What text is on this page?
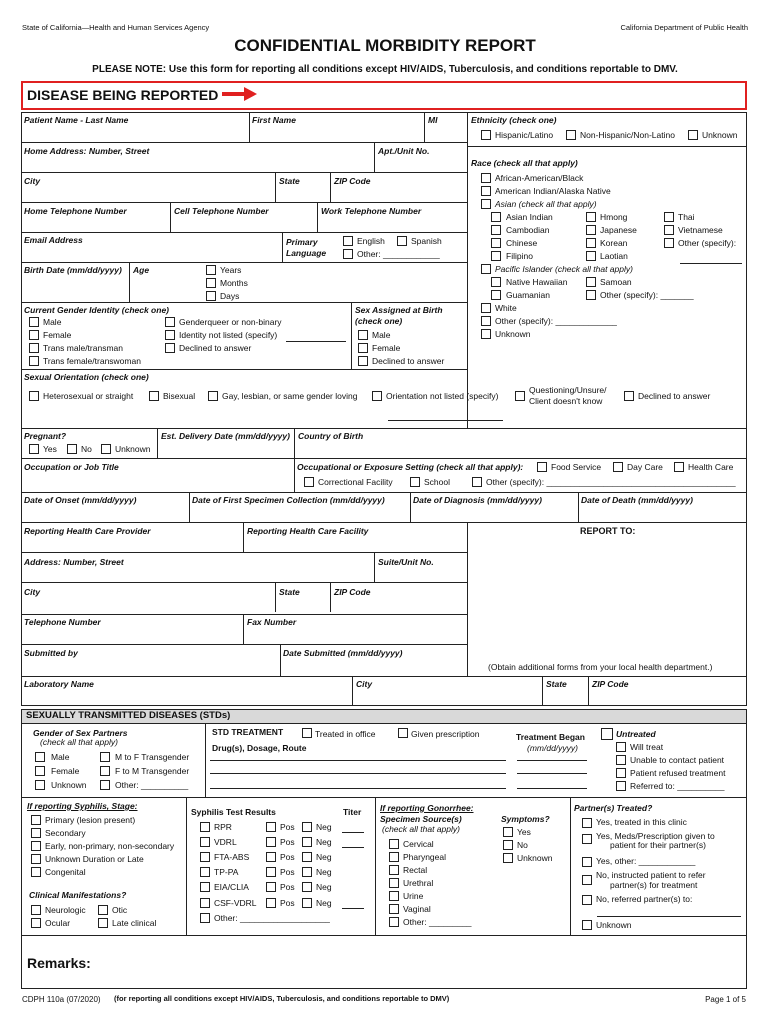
State of California—Health and Human Services Agency	California Department of Public Health
CONFIDENTIAL MORBIDITY REPORT
PLEASE NOTE: Use this form for reporting all conditions except HIV/AIDS, Tuberculosis, and conditions reportable to DMV.
DISEASE BEING REPORTED
Patient Name - Last Name	First Name	MI	Ethnicity (check one)
Hispanic/Latino	Non-Hispanic/Non-Latino	Unknown
Home Address: Number, Street	Apt./Unit No.
Race (check all that apply)
African-American/Black
American Indian/Alaska Native
Asian (check all that apply)
Asian Indian
Cambodian
Chinese
Filipino
Hmong
Japanese
Korean
Laotian
Thai
Vietnamese
Other (specify):
Pacific Islander (check all that apply)
Native Hawaiian
Guamanian
Samoan
Other (specify): _______
White
Other (specify): _____________
Unknown
City	State	ZIP Code
Home Telephone Number	Cell Telephone Number	Work Telephone Number
Email Address	Primary
Language
English	Spanish
Other: ____________
Birth Date (mm/dd/yyyy) Age	Years
Months
Days
Current Gender Identity (check one)
Male
Female
Trans male/transman
Trans female/transwoman
Genderqueer or non-binary
Identity not listed (specify)
Declined to answer
Sex Assigned at Birth
(check one)
Male
Female
Declined to answer
Sexual Orientation (check one)
Heterosexual or straight	Bisexual	Gay, lesbian, or same gender loving	Orientation not listed (specify)
Questioning/Unsure/
Client doesn't know	Declined to answer
Pregnant?
Yes	No	Unknown
Est. Delivery Date (mm/dd/yyyy) Country of Birth
Occupation or Job Title	Occupational or Exposure Setting (check all that apply):	Food Service	Day Care	Health Care
Correctional Facility	School	Other (specify): ________________________________________
Date of Onset (mm/dd/yyyy)	Date of First Specimen Collection (mm/dd/yyyy)	Date of Diagnosis (mm/dd/yyyy)	Date of Death (mm/dd/yyyy)
Reporting Health Care Provider	Reporting Health Care Facility	REPORT TO:
Address: Number, Street	Suite/Unit No.
City	State	ZIP Code
Telephone Number	Fax Number
Submitted by	Date Submitted (mm/dd/yyyy)
(Obtain additional forms from your local health department.)
Laboratory Name	City	State	ZIP Code
SEXUALLY TRANSMITTED DISEASES (STDs)
Gender of Sex Partners
(check all that apply)
Male
Female
Unknown
M to F Transgender
F to M Transgender
Other: __________
STD TREATMENT	Treated in office	Given prescription
Drug(s), Dosage, Route
Treatment Began
(mm/dd/yyyy)
Untreated
Will treat
Unable to contact patient
Patient refused treatment
Referred to: __________
If reporting Syphilis, Stage:
Primary (lesion present)
Secondary
Early, non-primary, non-secondary
Unknown Duration or Late
Congenital
Clinical Manifestations?
Neurologic
Ocular
Otic
Late clinical
Syphilis Test Results	Titer
RPR	Pos	Neg
VDRL	Pos	Neg
FTA-ABS	Pos	Neg
TP-PA	Pos	Neg
EIA/CLIA	Pos	Neg
CSF-VDRL	Pos	Neg
Other: ___________________
If reporting Gonorrhee:
Specimen Source(s)
(check all that apply)
Cervical
Pharyngeal
Rectal
Urethral
Urine
Vaginal
Other: _________
Symptoms?
Yes
No
Unknown
Partner(s) Treated?
Yes, treated in this clinic
Yes, Meds/Prescription given to
patient for their partner(s)
Yes, other: ____________
No, instructed patient to refer
partner(s) for treatment
No, referred partner(s) to:
Unknown
Remarks:
CDPH 110a (07/2020) (for reporting all conditions except HIV/AIDS, Tuberculosis, and conditions reportable to DMV)	Page 1 of 5
